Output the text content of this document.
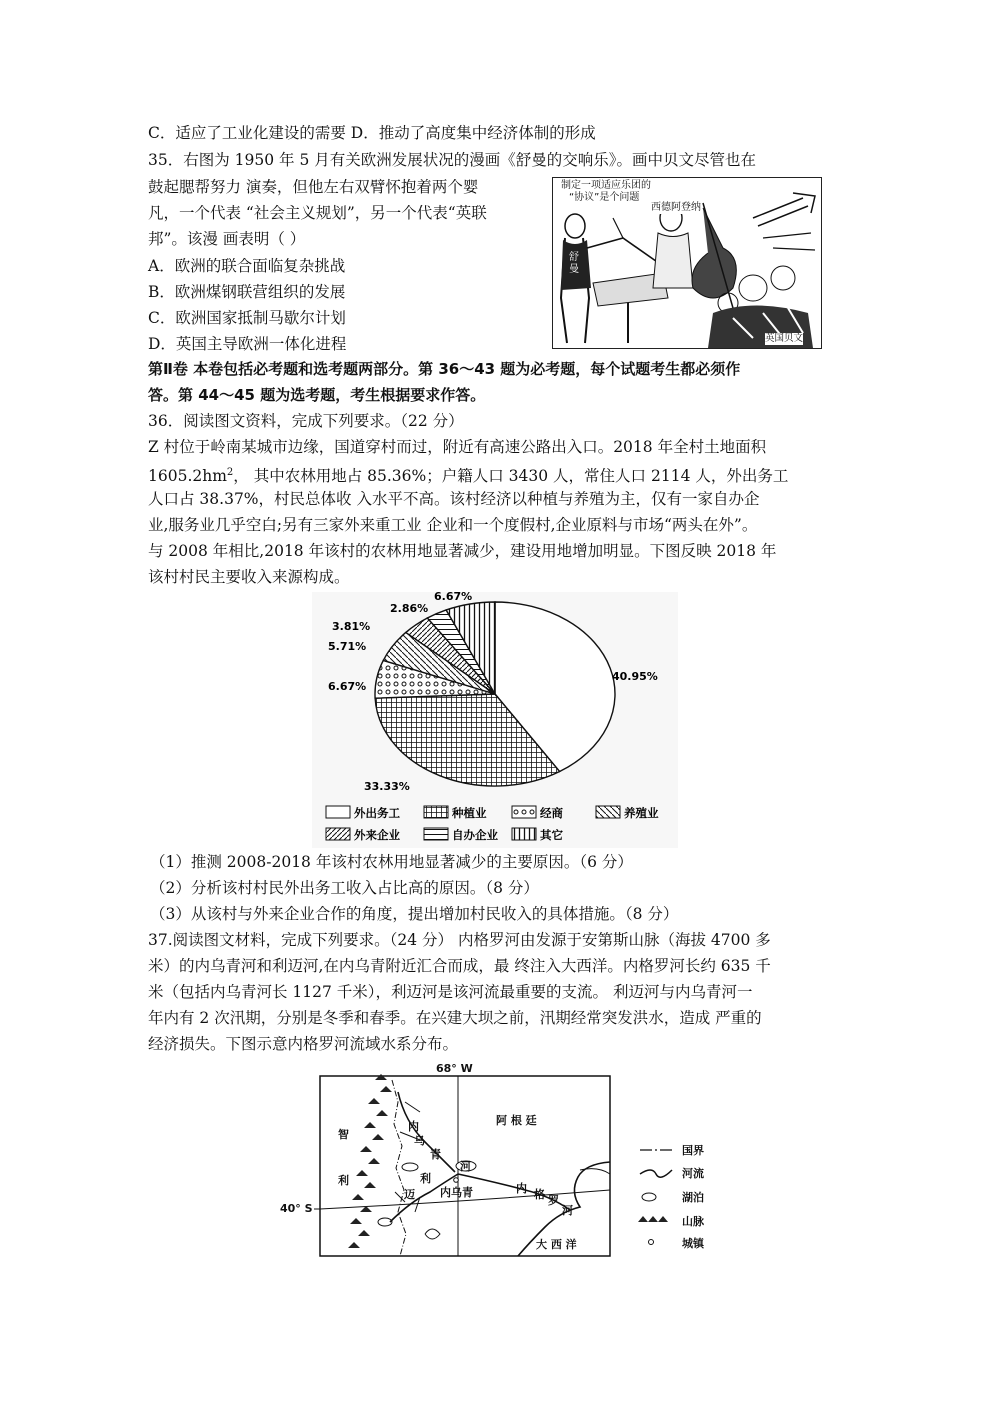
C．适应了工业化建设的需要 D．推动了高度集中经济体制的形成
35．右图为 1950 年 5 月有关欧洲发展状况的漫画《舒曼的交响乐》。画中贝文尽管也在
鼓起腮帮努力 演奏，但他左右双臂怀抱着两个婴
凡，一个代表 “社会主义规划”，另一个代表“英联
邦”。该漫 画表明（ ）
A．欧洲的联合面临复杂挑战
B．欧洲煤钢联营组织的发展
C．欧洲国家抵制马歇尔计划
D．英国主导欧洲一体化进程
制定一项适应乐团的
“协议”是个问题
西德阿登纳
舒曼
英国贝文
第Ⅱ卷 本卷包括必考题和选考题两部分。第 36～43 题为必考题，每个试题考生都必须作
答。第 44～45 题为选考题，考生根据要求作答。
36．阅读图文资料，完成下列要求。（22 分）
Z 村位于岭南某城市边缘，国道穿村而过，附近有高速公路出入口。2018 年全村土地面积
$1605.2hm^2$， 其中农林用地占 85.36%；户籍人口 3430 人，常住人口 2114 人，外出务工
人口占 38.37%，村民总体收 入水平不高。该村经济以种植与养殖为主，仅有一家自办企
业,服务业几乎空白;另有三家外来重工业 企业和一个度假村,企业原料与市场“两头在外”。
与 2008 年相比,2018 年该村的农林用地显著减少，建设用地增加明显。下图反映 2018 年
该村村民主要收入来源构成。
40.95%
33.33%
6.67%
5.71%
3.81%
2.86%
6.67%
外出务工	种植业	经商	养殖业
外来企业	自办企业	其它
（1）推测 2008-2018 年该村农林用地显著减少的主要原因。（6 分）
（2）分析该村村民外出务工收入占比高的原因。（8 分）
（3）从该村与外来企业合作的角度，提出增加村民收入的具体措施。（8 分）
37.阅读图文材料，完成下列要求。（24 分） 内格罗河由发源于安第斯山脉（海拔 4700 多
米）的内乌青河和利迈河,在内乌青附近汇合而成，最 终注入大西洋。内格罗河长约 635 千
米（包括内乌青河长 1127 千米），利迈河是该河流最重要的支流。 利迈河与内乌青河一
年内有 2 次汛期，分别是冬季和春季。在兴建大坝之前，汛期经常突发洪水，造成 严重的
经济损失。下图示意内格罗河流域水系分布。
68° W
40° S
阿 根 廷
智
利
内
乌
青
河
利
迈 内乌青	内 格 罗
河
大 西 洋
国界
河流
湖泊
山脉
城镇
